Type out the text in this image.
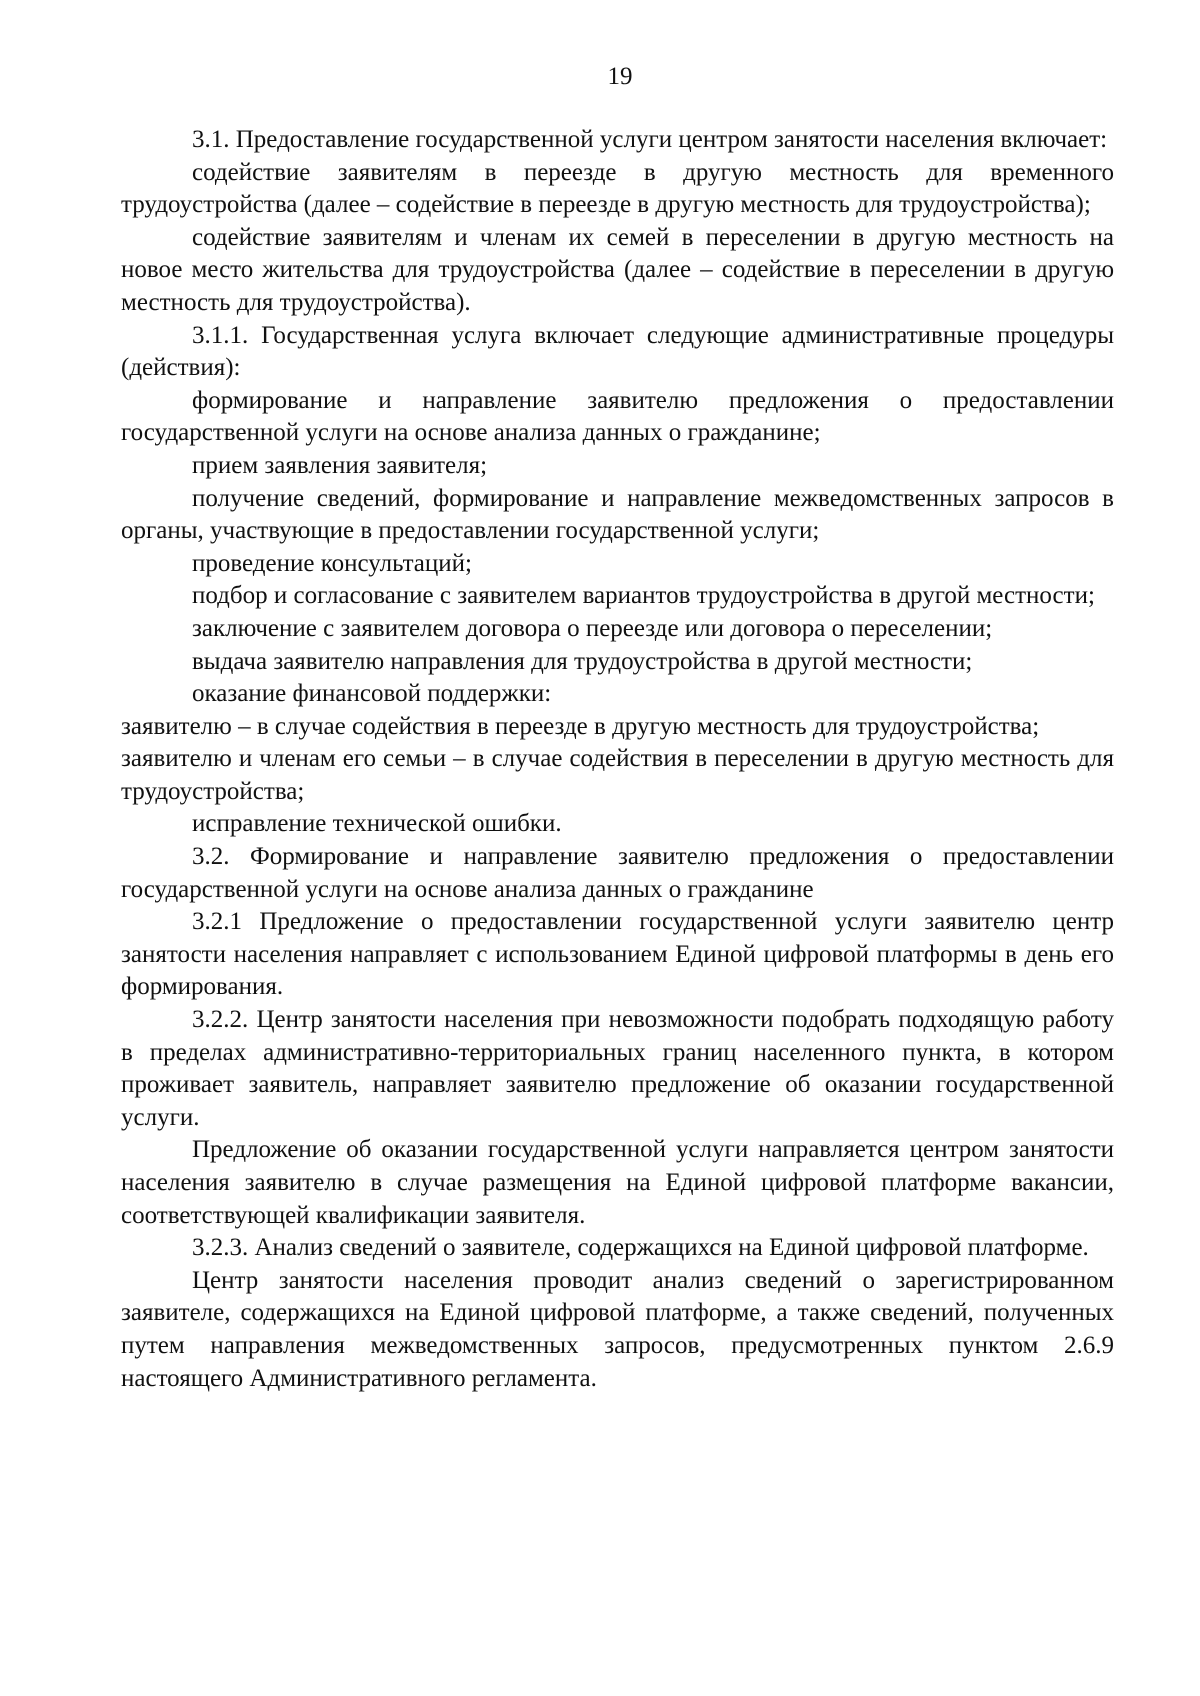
19

3.1. Предоставление государственной услуги центром занятости населения включает:

содействие заявителям в переезде в другую местность для временного трудоустройства (далее – содействие в переезде в другую местность для трудоустройства);

содействие заявителям и членам их семей в переселении в другую местность на новое место жительства для трудоустройства (далее – содействие в переселении в другую местность для трудоустройства).

3.1.1. Государственная услуга включает следующие административные процедуры (действия):

формирование и направление заявителю предложения о предоставлении государственной услуги на основе анализа данных о гражданине;

прием заявления заявителя;

получение сведений, формирование и направление межведомственных запросов в органы, участвующие в предоставлении государственной услуги;

проведение консультаций;

подбор и согласование с заявителем вариантов трудоустройства в другой местности;

заключение с заявителем договора о переезде или договора о переселении;

выдача заявителю направления для трудоустройства в другой местности;

оказание финансовой поддержки:

заявителю – в случае содействия в переезде в другую местность для трудоустройства;

заявителю и членам его семьи – в случае содействия в переселении в другую местность для трудоустройства;

исправление технической ошибки.

3.2. Формирование и направление заявителю предложения о предоставлении государственной услуги на основе анализа данных о гражданине

3.2.1 Предложение о предоставлении государственной услуги заявителю центр занятости населения направляет с использованием Единой цифровой платформы в день его формирования.

3.2.2. Центр занятости населения при невозможности подобрать подходящую работу в пределах административно-территориальных границ населенного пункта, в котором проживает заявитель, направляет заявителю предложение об оказании государственной услуги.

Предложение об оказании государственной услуги направляется центром занятости населения заявителю в случае размещения на Единой цифровой платформе вакансии, соответствующей квалификации заявителя.

3.2.3. Анализ сведений о заявителе, содержащихся на Единой цифровой платформе.

Центр занятости населения проводит анализ сведений о зарегистрированном заявителе, содержащихся на Единой цифровой платформе, а также сведений, полученных путем направления межведомственных запросов, предусмотренных пунктом 2.6.9 настоящего Административного регламента.
